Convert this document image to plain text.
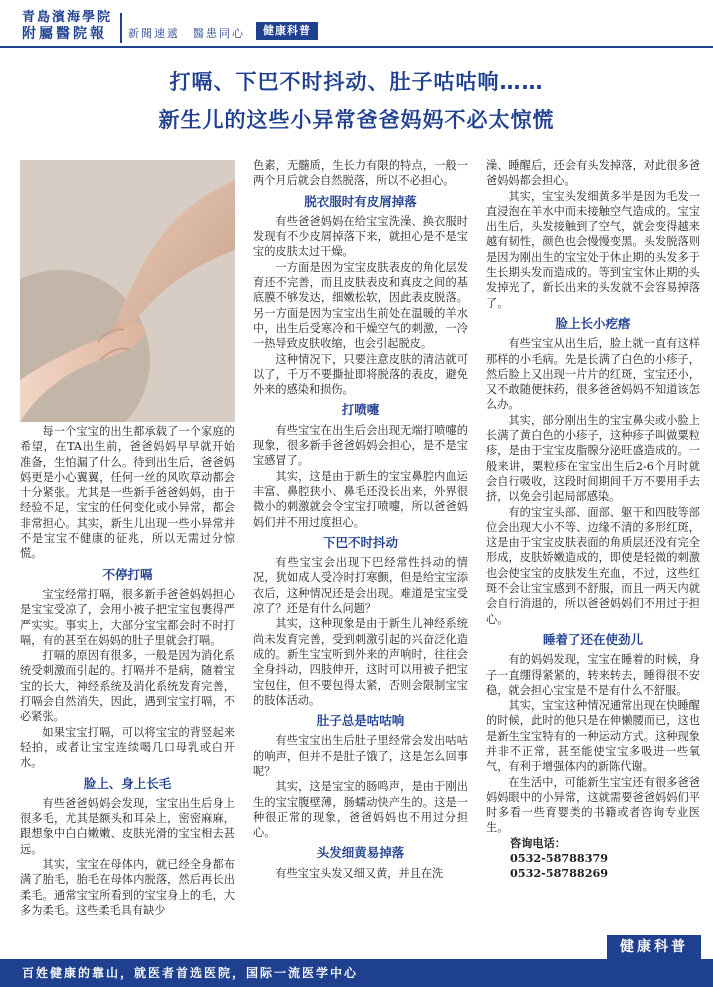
青島濱海學院
附屬醫院報	新聞速遞 醫患同心	健康科普
打嗝、下巴不时抖动、肚子咕咕响……
新生儿的这些小异常爸爸妈妈不必太惊慌

每一个宝宝的出生都承载了一个家庭的希望，在TA出生前，爸爸妈妈早早就开始准备，生怕漏了什么。待到出生后，爸爸妈妈更是小心翼翼，任何一丝的风吹草动都会十分紧张。尤其是一些新手爸爸妈妈，由于经验不足，宝宝的任何变化或小异常，都会非常担心。其实，新生儿出现一些小异常并不是宝宝不健康的征兆，所以无需过分惊慌。

不停打嗝

宝宝经常打嗝，很多新手爸爸妈妈担心是宝宝受凉了，会用小被子把宝宝包裹得严严实实。事实上，大部分宝宝都会时不时打嗝，有的甚至在妈妈的肚子里就会打嗝。

打嗝的原因有很多，一般是因为消化系统受刺激而引起的。打嗝并不是病，随着宝宝的长大，神经系统及消化系统发育完善，打嗝会自然消失，因此，遇到宝宝打嗝，不必紧张。

如果宝宝打嗝，可以将宝宝的背竖起来轻拍，或者让宝宝连续喝几口母乳或白开水。

脸上、身上长毛

有些爸爸妈妈会发现，宝宝出生后身上很多毛，尤其是额头和耳朵上，密密麻麻，跟想象中白白嫩嫩、皮肤光滑的宝宝相去甚远。

其实，宝宝在母体内，就已经全身都布满了胎毛，胎毛在母体内脱落，然后再长出柔毛。通常宝宝所看到的宝宝身上的毛，大多为柔毛。这些柔毛具有缺少

色素，无髓质，生长力有限的特点，一般一两个月后就会自然脱落，所以不必担心。

脱衣服时有皮屑掉落

有些爸爸妈妈在给宝宝洗澡、换衣服时发现有不少皮屑掉落下来，就担心是不是宝宝的皮肤太过干燥。

一方面是因为宝宝皮肤表皮的角化层发育还不完善，而且皮肤表皮和真皮之间的基底膜不够发达，细嫩松软，因此表皮脱落。另一方面是因为宝宝出生前处在温暖的羊水中，出生后受寒冷和干燥空气的刺激，一冷一热导致皮肤收缩，也会引起脱皮。

这种情况下，只要注意皮肤的清洁就可以了，千万不要撕扯即将脱落的表皮，避免外来的感染和损伤。

打喷嚏

有些宝宝在出生后会出现无端打喷嚏的现象，很多新手爸爸妈妈会担心，是不是宝宝感冒了。

其实，这是由于新生的宝宝鼻腔内血运丰富、鼻腔狭小、鼻毛还没长出来，外界很微小的刺激就会令宝宝打喷嚏，所以爸爸妈妈们并不用过度担心。

下巴不时抖动

有些宝宝会出现下巴经常性抖动的情况，犹如成人受冷时打寒颤，但是给宝宝添衣后，这种情况还是会出现。难道是宝宝受凉了？还是有什么问题？

其实，这种现象是由于新生儿神经系统尚未发育完善，受到刺激引起的兴奋泛化造成的。新生宝宝听到外来的声响时，往往会全身抖动，四肢伸开，这时可以用被子把宝宝包住，但不要包得太紧，否则会限制宝宝的肢体活动。

肚子总是咕咕响

有些宝宝出生后肚子里经常会发出咕咕的响声，但并不是肚子饿了，这是怎么回事呢？

其实，这是宝宝的肠鸣声，是由于刚出生的宝宝腹壁薄，肠蠕动快产生的。这是一种很正常的现象，爸爸妈妈也不用过分担心。

头发细黄易掉落

有些宝宝头发又细又黄，并且在洗

澡、睡醒后，还会有头发掉落，对此很多爸爸妈妈都会担心。

其实，宝宝头发细黄多半是因为毛发一直浸泡在羊水中而未接触空气造成的。宝宝出生后，头发接触到了空气，就会变得越来越有韧性，颜色也会慢慢变黑。头发脱落则是因为刚出生的宝宝处于休止期的头发多于生长期头发而造成的。等到宝宝休止期的头发掉光了，新长出来的头发就不会容易掉落了。

脸上长小疙瘩

有些宝宝从出生后，脸上就一直有这样那样的小毛病。先是长满了白色的小疹子，然后脸上又出现一片片的红斑，宝宝还小，又不敢随便抹药，很多爸爸妈妈不知道该怎么办。

其实，部分刚出生的宝宝鼻尖或小脸上长满了黄白色的小疹子，这种疹子叫做粟粒疹，是由于宝宝皮脂腺分泌旺盛造成的。一般来讲，粟粒疹在宝宝出生后2-6个月时就会自行吸收，这段时间期间千万不要用手去挤，以免会引起局部感染。

有的宝宝头部、面部、躯干和四肢等部位会出现大小不等、边缘不清的多形红斑，这是由于宝宝皮肤表面的角质层还没有完全形成，皮肤娇嫩造成的，即使是轻微的刺激也会使宝宝的皮肤发生充血，不过，这些红斑不会让宝宝感到不舒服，而且一两天内就会自行消退的，所以爸爸妈妈们不用过于担心。

睡着了还在使劲儿

有的妈妈发现，宝宝在睡着的时候，身子一直绷得紧紧的，转来转去，睡得很不安稳，就会担心宝宝是不是有什么不舒服。

其实，宝宝这种情况通常出现在快睡醒的时候，此时的他只是在伸懒腰而已，这也是新生宝宝特有的一种运动方式。这种现象并非不正常，甚至能使宝宝多吸进一些氧气，有利于增强体内的新陈代谢。

在生活中，可能新生宝宝还有很多爸爸妈妈眼中的小异常，这就需要爸爸妈妈们平时多看一些育婴类的书籍或者咨询专业医生。

咨询电话：

0532-58788379

0532-58788269

健康科普
百姓健康的靠山，就医者首选医院，国际一流医学中心
